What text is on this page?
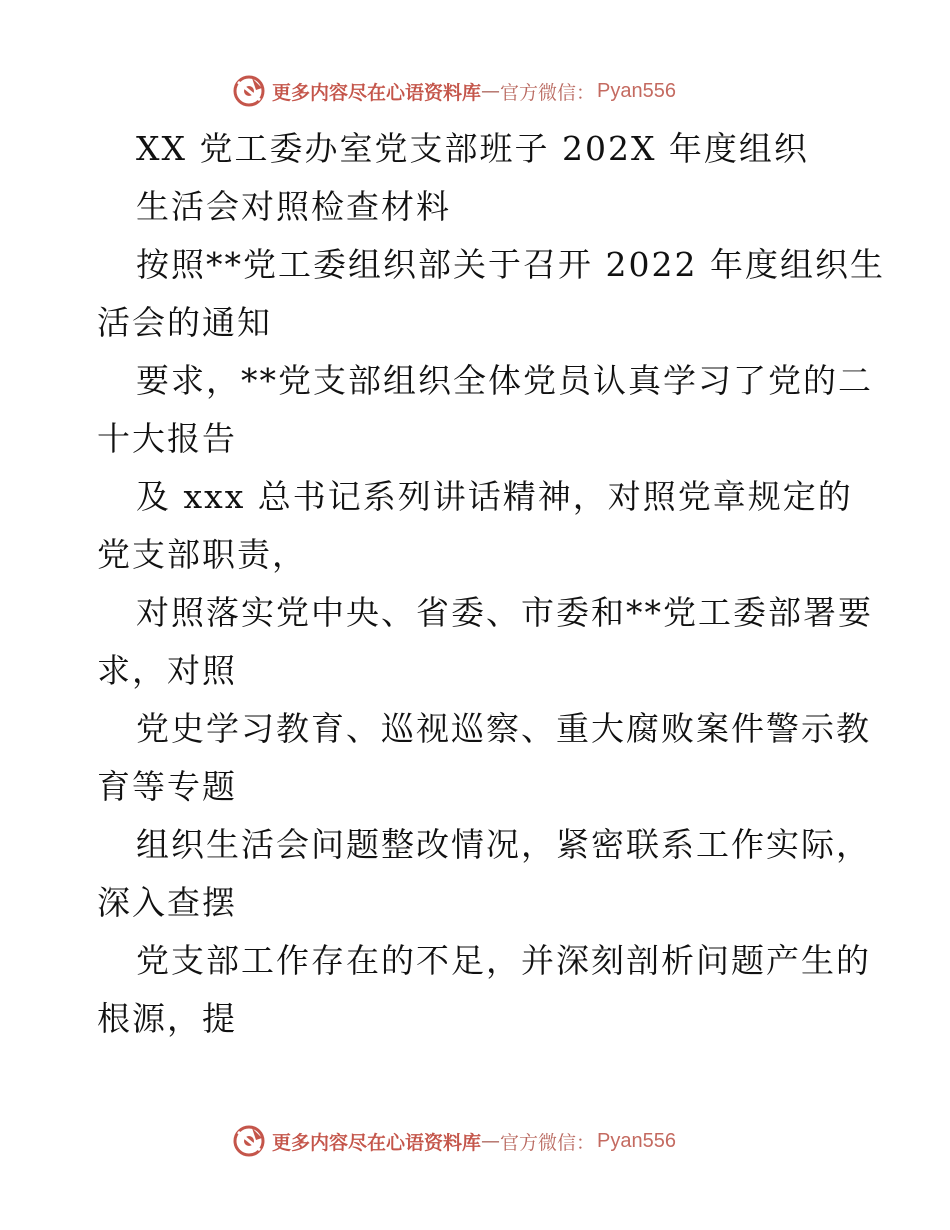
更多内容尽在心语资料库 — 官方微信： Pyan556
XX 党工委办室党支部班子 202X 年度组织
生活会对照检查材料
按照**党工委组织部关于召开 2022 年度组织生
活会的通知
要求，**党支部组织全体党员认真学习了党的二
十大报告
及 xxx 总书记系列讲话精神，对照党章规定的
党支部职责，
对照落实党中央、省委、市委和**党工委部署要
求，对照
党史学习教育、巡视巡察、重大腐败案件警示教
育等专题
组织生活会问题整改情况，紧密联系工作实际，
深入查摆
党支部工作存在的不足，并深刻剖析问题产生的
根源，提
更多内容尽在心语资料库 — 官方微信： Pyan556
